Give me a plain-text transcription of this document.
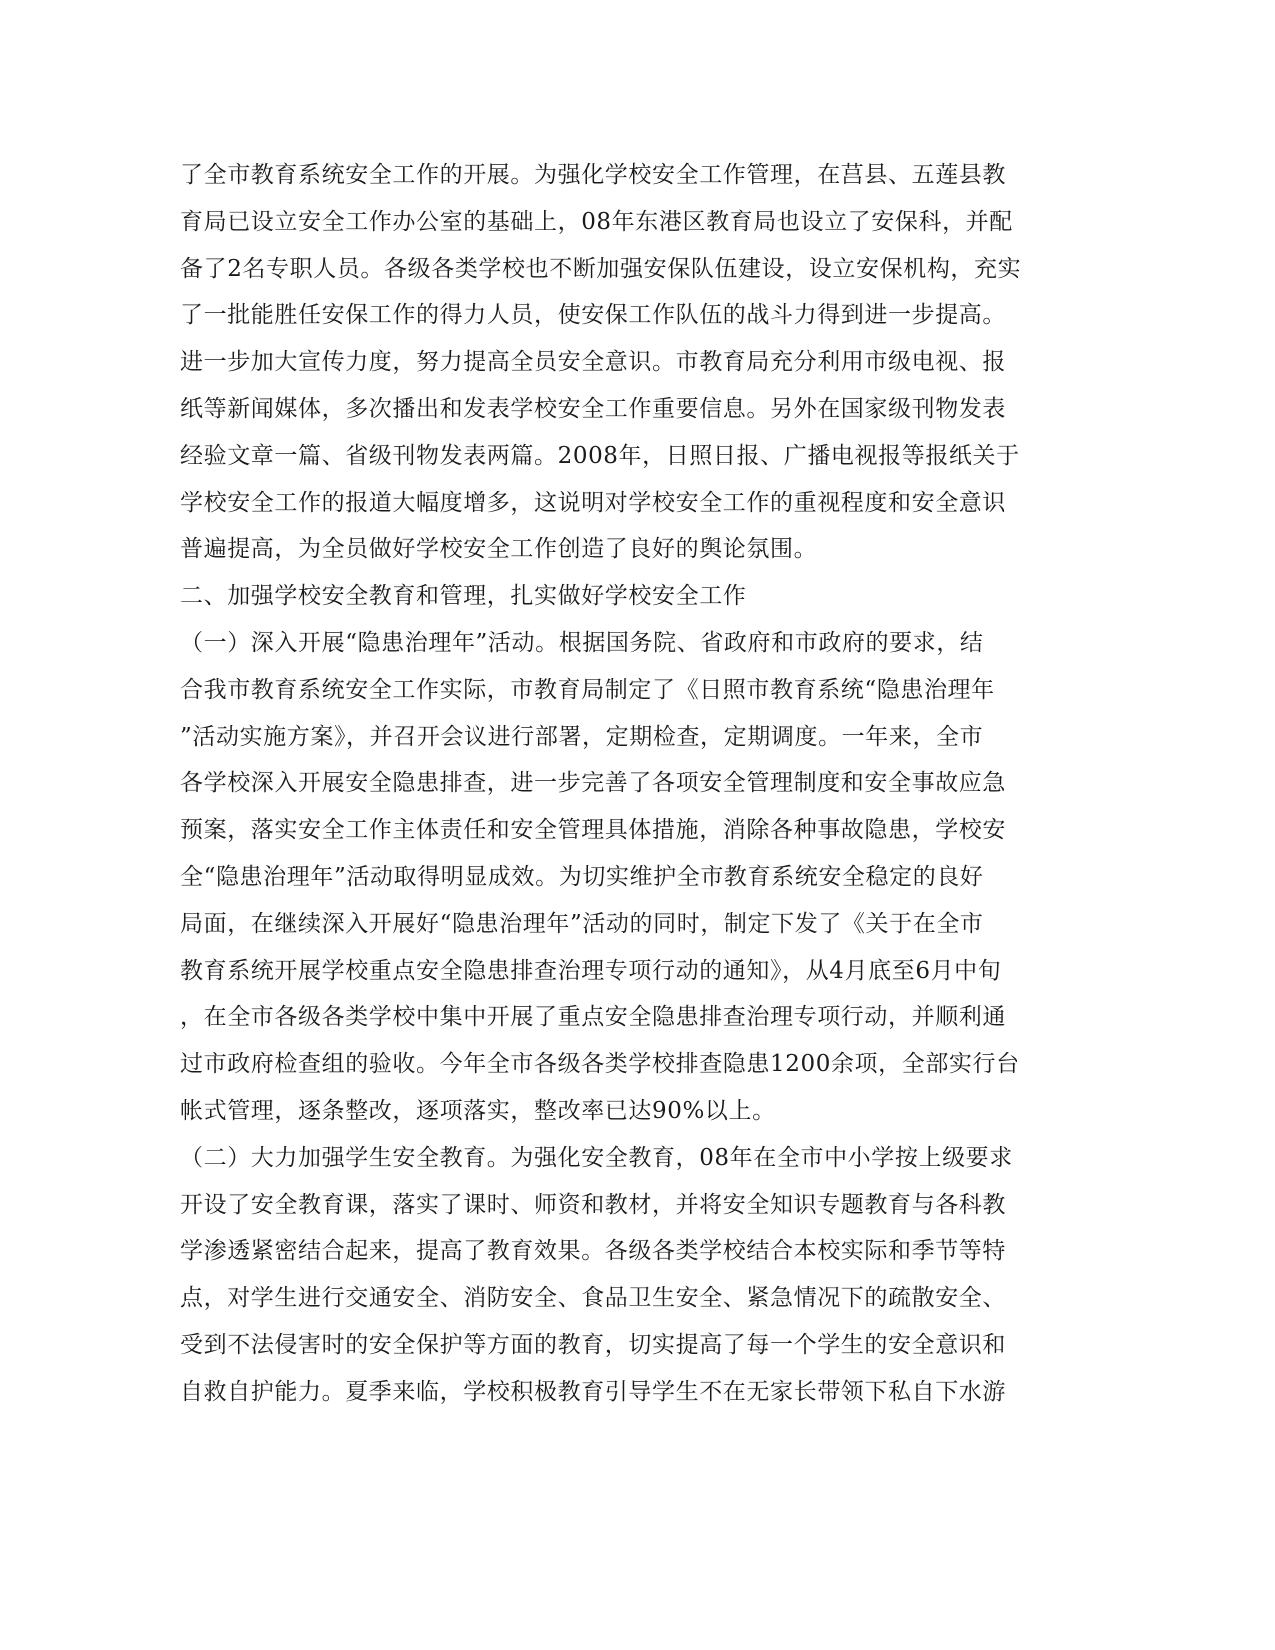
了全市教育系统安全工作的开展。为强化学校安全工作管理，在莒县、五莲县教
育局已设立安全工作办公室的基础上，08年东港区教育局也设立了安保科，并配
备了2名专职人员。各级各类学校也不断加强安保队伍建设，设立安保机构，充实
了一批能胜任安保工作的得力人员，使安保工作队伍的战斗力得到进一步提高。
进一步加大宣传力度，努力提高全员安全意识。市教育局充分利用市级电视、报
纸等新闻媒体，多次播出和发表学校安全工作重要信息。另外在国家级刊物发表
经验文章一篇、省级刊物发表两篇。2008年，日照日报、广播电视报等报纸关于
学校安全工作的报道大幅度增多，这说明对学校安全工作的重视程度和安全意识
普遍提高，为全员做好学校安全工作创造了良好的舆论氛围。
二、加强学校安全教育和管理，扎实做好学校安全工作
（一）深入开展“隐患治理年”活动。根据国务院、省政府和市政府的要求，结
合我市教育系统安全工作实际，市教育局制定了《日照市教育系统“隐患治理年
”活动实施方案》，并召开会议进行部署，定期检查，定期调度。一年来，全市
各学校深入开展安全隐患排查，进一步完善了各项安全管理制度和安全事故应急
预案，落实安全工作主体责任和安全管理具体措施，消除各种事故隐患，学校安
全“隐患治理年”活动取得明显成效。为切实维护全市教育系统安全稳定的良好
局面，在继续深入开展好“隐患治理年”活动的同时，制定下发了《关于在全市
教育系统开展学校重点安全隐患排查治理专项行动的通知》，从4月底至6月中旬
，在全市各级各类学校中集中开展了重点安全隐患排查治理专项行动，并顺利通
过市政府检查组的验收。今年全市各级各类学校排查隐患1200余项，全部实行台
帐式管理，逐条整改，逐项落实，整改率已达90%以上。
（二）大力加强学生安全教育。为强化安全教育，08年在全市中小学按上级要求
开设了安全教育课，落实了课时、师资和教材，并将安全知识专题教育与各科教
学渗透紧密结合起来，提高了教育效果。各级各类学校结合本校实际和季节等特
点，对学生进行交通安全、消防安全、食品卫生安全、紧急情况下的疏散安全、
受到不法侵害时的安全保护等方面的教育，切实提高了每一个学生的安全意识和
自救自护能力。夏季来临，学校积极教育引导学生不在无家长带领下私自下水游
